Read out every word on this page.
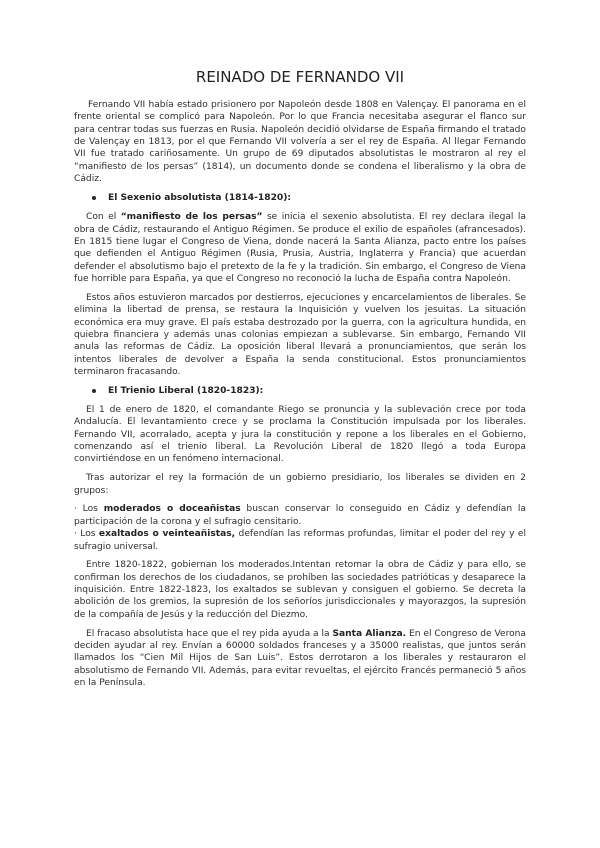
REINADO DE FERNANDO VII

Fernando VII había estado prisionero por Napoleón desde 1808 en Valençay. El panorama en el frente oriental se complicó para Napoleón. Por lo que Francia necesitaba asegurar el flanco sur para centrar todas sus fuerzas en Rusia. Napoleón decidió olvidarse de España firmando el tratado de Valençay en 1813, por el que Fernando VII volvería a ser el rey de España. Al llegar Fernando VII fue tratado cariñosamente. Un grupo de 69 diputados absolutistas le mostraron al rey el “manifiesto de los persas” (1814), un documento donde se condena el liberalismo y la obra de Cádiz.

El Sexenio absolutista (1814-1820):

Con el “manifiesto de los persas” se inicia el sexenio absolutista. El rey declara ilegal la obra de Cádiz, restaurando el Antiguo Régimen. Se produce el exilio de españoles (afrancesados). En 1815 tiene lugar el Congreso de Viena, donde nacerá la Santa Alianza, pacto entre los países que defienden el Antiguo Régimen (Rusia, Prusia, Austria, Inglaterra y Francia) que acuerdan defender el absolutismo bajo el pretexto de la fe y la tradición. Sin embargo, el Congreso de Viena fue horrible para España, ya que el Congreso no reconoció la lucha de España contra Napoleón.

Estos años estuvieron marcados por destierros, ejecuciones y encarcelamientos de liberales. Se elimina la libertad de prensa, se restaura la Inquisición y vuelven los jesuitas. La situación económica era muy grave. El país estaba destrozado por la guerra, con la agricultura hundida, en quiebra financiera y además unas colonias empiezan a sublevarse. Sin embargo, Fernando VII anula las reformas de Cádiz. La oposición liberal llevará a pronunciamientos, que serán los intentos liberales de devolver a España la senda constitucional. Estos pronunciamientos terminaron fracasando.

El Trienio Liberal (1820-1823):

El 1 de enero de 1820, el comandante Riego se pronuncia y la sublevación crece por toda Andalucía. El levantamiento crece y se proclama la Constitución impulsada por los liberales. Fernando VII, acorralado, acepta y jura la constitución y repone a los liberales en el Gobierno, comenzando así el trienio liberal. La Revolución Liberal de 1820 llegó a toda Europa convirtiéndose en un fenómeno internacional.

Tras autorizar el rey la formación de un gobierno presidiario, los liberales se dividen en 2 grupos:

· Los moderados o doceañistas buscan conservar lo conseguido en Cádiz y defendían la participación de la corona y el sufragio censitario.

· Los exaltados o veinteañistas, defendían las reformas profundas, limitar el poder del rey y el sufragio universal.

Entre 1820-1822, gobiernan los moderados.Intentan retomar la obra de Cádiz y para ello, se confirman los derechos de los ciudadanos, se prohíben las sociedades patrióticas y desaparece la inquisición. Entre 1822-1823, los exaltados se sublevan y consiguen el gobierno. Se decreta la abolición de los gremios, la supresión de los señoríos jurisdiccionales y mayorazgos, la supresión de la compañía de Jesús y la reducción del Diezmo.

El fracaso absolutista hace que el rey pida ayuda a la Santa Alianza. En el Congreso de Verona deciden ayudar al rey. Envían a 60000 soldados franceses y a 35000 realistas, que juntos serán llamados los “Cien Mil Hijos de San Luis”. Estos derrotaron a los liberales y restauraron el absolutismo de Fernando VII. Además, para evitar revueltas, el ejército Francés permaneció 5 años en la Península.
